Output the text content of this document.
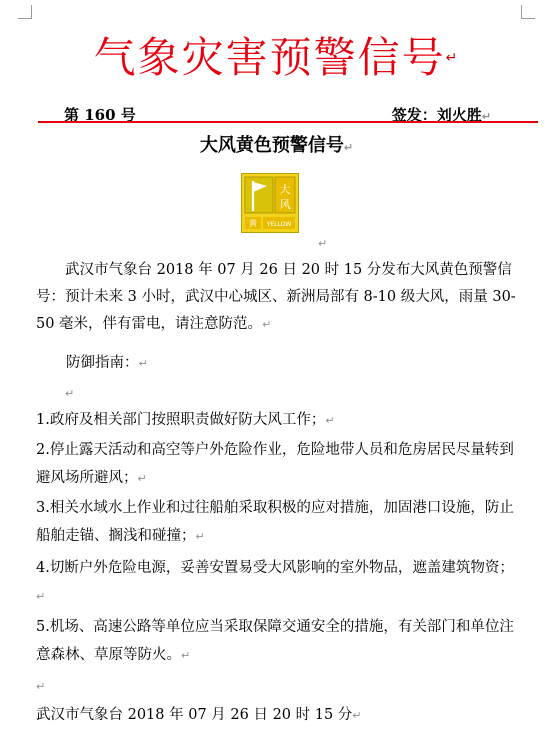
气象灾害预警信号↵
第 160 号	签发：刘火胜↵
大风黄色预警信号↵
大
风
黄 YELLOW
↵
武汉市气象台 2018 年 07 月 26 日 20 时 15 分发布大风黄色预警信号：预计未来 3 小时，武汉中心城区、新洲局部有 8-10 级大风，雨量 30-50 毫米，伴有雷电，请注意防范。↵
防御指南：↵
↵
1.政府及相关部门按照职责做好防大风工作；↵
2.停止露天活动和高空等户外危险作业，危险地带人员和危房居民尽量转到避风场所避风；↵
3.相关水域水上作业和过往船舶采取积极的应对措施，加固港口设施，防止船舶走锚、搁浅和碰撞；↵
4.切断户外危险电源，妥善安置易受大风影响的室外物品，遮盖建筑物资；↵
5.机场、高速公路等单位应当采取保障交通安全的措施，有关部门和单位注意森林、草原等防火。↵
↵
武汉市气象台 2018 年 07 月 26 日 20 时 15 分↵
